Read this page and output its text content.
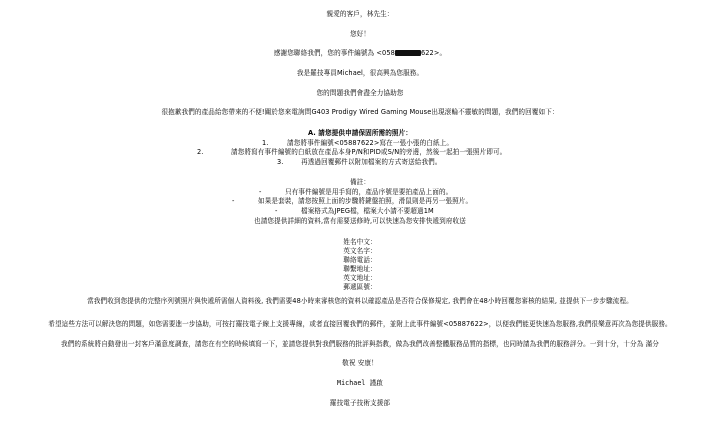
親愛的客戶，林先生：
您好！
感謝您聯絡我們，您的事件編號為 <058	622>。
我是羅技專員Michael，很高興為您服務。
您的問題我們會盡全力協助您
很抱歉我們的產品給您帶來的不便!關於您來電詢問G403 Prodigy Wired Gaming Mouse出現滾輪不靈敏的問題，我們的回覆如下：
A. 請您提供申請保固所需的照片：
1.	請您將事件編號<05887622>寫在一張小張的白紙上。
2.	請您將寫有事件編號的白紙放在產品本身P/N和PID或S/N的旁邊，然後一起拍一張照片即可。
3.	再透過回覆郵件以附加檔案的方式寄送給我們。
備註：
-	只有事件編號是用手寫的，產品序號是要拍產品上面的。
-	如果是套裝，請您按照上面的步驟將鍵盤拍照，滑鼠則是再另一張照片。
-	檔案格式為JPEG檔，檔案大小請不要超過1M
也請您提供詳細的資料,當有需要送修時,可以快速為您安排快遞到府收送
姓名中文：
英文名字：
聯絡電話：
聯繫地址：
英文地址：
郵遞區號：
當我們收到您提供的完整序列號照片與快遞所需個人資料後, 我們需要48小時來審核您的資料以確認產品是否符合保修規定, 我們會在48小時回覆您審核的結果, 並提供下一步步驟流程。
希望這些方法可以解決您的問題，如您需要進一步協助，可按打羅技電子線上支援專線，或者直接回覆我們的郵件，並附上此事件編號<05887622>，以便我們能更快速為您服務,我們很樂意再次為您提供服務。
我們的系統將自動發出一封客戶滿意度調查，請您在有空的時候填寫一下，並請您提供對我們服務的批評與指教，做為我們改善整體服務品質的指標，也同時請為我們的服務評分。一到十分，十分為 滿分
敬祝 安康！
Michael 謹啟
羅技電子技術支援部
